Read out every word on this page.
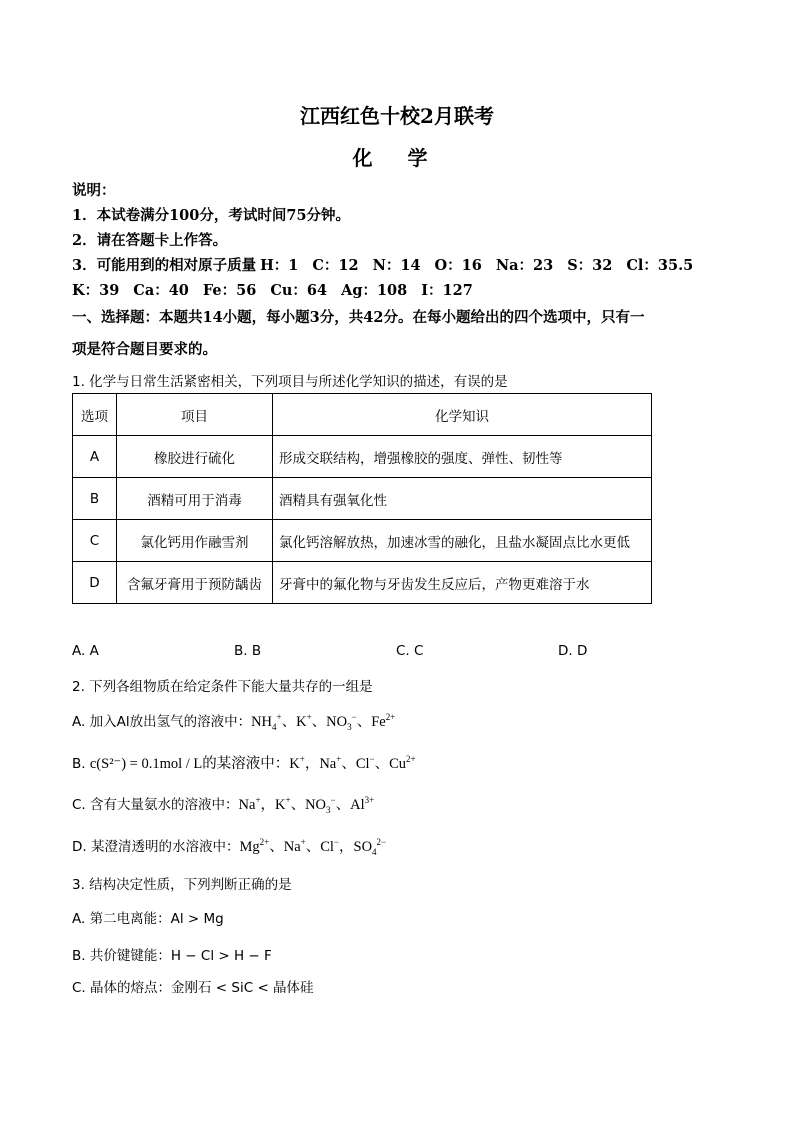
江西红色十校2月联考
化 学
说明：
1．本试卷满分100分，考试时间75分钟。
2．请在答题卡上作答。
3．可能用到的相对原子质量 H：1 C：12 N：14 O：16 Na：23 S：32 Cl：35.5
K：39 Ca：40 Fe：56 Cu：64 Ag：108 I：127
一、选择题：本题共14小题，每小题3分，共42分。在每小题给出的四个选项中，只有一
项是符合题目要求的。
1. 化学与日常生活紧密相关，下列项目与所述化学知识的描述，有误的是
选项	项目	化学知识
A	橡胶进行硫化	形成交联结构，增强橡胶的强度、弹性、韧性等
B	酒精可用于消毒	酒精具有强氧化性
C	氯化钙用作融雪剂	氯化钙溶解放热，加速冰雪的融化，且盐水凝固点比水更低
D	含氟牙膏用于预防龋齿	牙膏中的氟化物与牙齿发生反应后，产物更难溶于水
A. A	B. B	C. C	D. D
2. 下列各组物质在给定条件下能大量共存的一组是
A. 加入Al放出氢气的溶液中：$NH_4^+$、K+、$NO_3^-$、$Fe^{2+}$
B. c(S²⁻) = 0.1mol / L的某溶液中：K+，Na+、Cl−、$Cu^{2+}$
C. 含有大量氨水的溶液中：Na+，K+、$NO_3^-$、$Al^{3+}$
D. 某澄清透明的水溶液中：$Mg^{2+}$、Na+、Cl−，$SO_4^{2-}$
3. 结构决定性质，下列判断正确的是
A. 第二电离能：Al > Mg
B. 共价键键能：H − Cl > H − F
C. 晶体的熔点：金刚石 < SiC < 晶体硅
